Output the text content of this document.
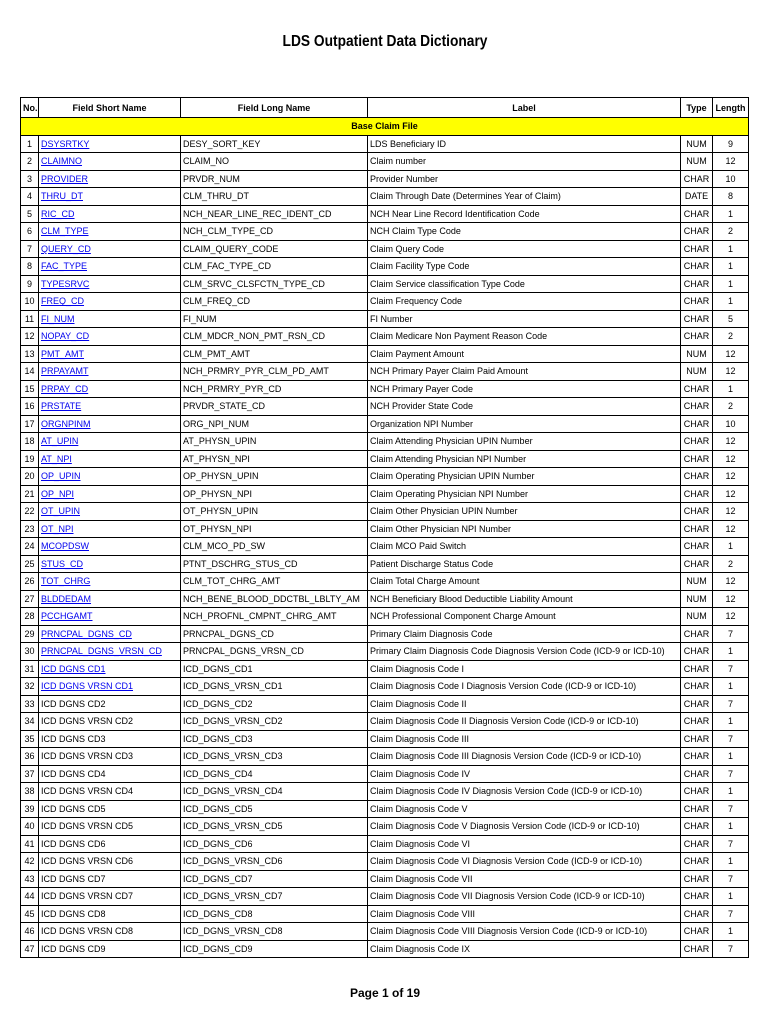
LDS Outpatient Data Dictionary
No.	Field Short Name	Field Long Name	Label	Type	Length
Base Claim File					
1	DSYSRTKY	DESY_SORT_KEY	LDS Beneficiary ID	NUM	9
2	CLAIMNO	CLAIM_NO	Claim number	NUM	12
3	PROVIDER	PRVDR_NUM	Provider Number	CHAR	10
4	THRU_DT	CLM_THRU_DT	Claim Through Date (Determines Year of Claim)	DATE	8
5	RIC_CD	NCH_NEAR_LINE_REC_IDENT_CD	NCH Near Line Record Identification Code	CHAR	1
6	CLM_TYPE	NCH_CLM_TYPE_CD	NCH Claim Type Code	CHAR	2
7	QUERY_CD	CLAIM_QUERY_CODE	Claim Query Code	CHAR	1
8	FAC_TYPE	CLM_FAC_TYPE_CD	Claim Facility Type Code	CHAR	1
9	TYPESRVC	CLM_SRVC_CLSFCTN_TYPE_CD	Claim Service classification Type Code	CHAR	1
10	FREQ_CD	CLM_FREQ_CD	Claim Frequency Code	CHAR	1
11	FI_NUM	FI_NUM	FI Number	CHAR	5
12	NOPAY_CD	CLM_MDCR_NON_PMT_RSN_CD	Claim Medicare Non Payment Reason Code	CHAR	2
13	PMT_AMT	CLM_PMT_AMT	Claim Payment Amount	NUM	12
14	PRPAYAMT	NCH_PRMRY_PYR_CLM_PD_AMT	NCH Primary Payer Claim Paid Amount	NUM	12
15	PRPAY_CD	NCH_PRMRY_PYR_CD	NCH Primary Payer Code	CHAR	1
16	PRSTATE	PRVDR_STATE_CD	NCH Provider State Code	CHAR	2
17	ORGNPINM	ORG_NPI_NUM	Organization NPI Number	CHAR	10
18	AT_UPIN	AT_PHYSN_UPIN	Claim Attending Physician UPIN Number	CHAR	12
19	AT_NPI	AT_PHYSN_NPI	Claim Attending Physician NPI Number	CHAR	12
20	OP_UPIN	OP_PHYSN_UPIN	Claim Operating Physician UPIN Number	CHAR	12
21	OP_NPI	OP_PHYSN_NPI	Claim Operating Physician NPI Number	CHAR	12
22	OT_UPIN	OT_PHYSN_UPIN	Claim Other Physician UPIN Number	CHAR	12
23	OT_NPI	OT_PHYSN_NPI	Claim Other Physician NPI Number	CHAR	12
24	MCOPDSW	CLM_MCO_PD_SW	Claim MCO Paid Switch	CHAR	1
25	STUS_CD	PTNT_DSCHRG_STUS_CD	Patient Discharge Status Code	CHAR	2
26	TOT_CHRG	CLM_TOT_CHRG_AMT	Claim Total Charge Amount	NUM	12
27	BLDDEDAM	NCH_BENE_BLOOD_DDCTBL_LBLTY_AM	NCH Beneficiary Blood Deductible Liability Amount	NUM	12
28	PCCHGAMT	NCH_PROFNL_CMPNT_CHRG_AMT	NCH Professional Component Charge Amount	NUM	12
29	PRNCPAL_DGNS_CD	PRNCPAL_DGNS_CD	Primary Claim Diagnosis Code	CHAR	7
30	PRNCPAL_DGNS_VRSN_CD	PRNCPAL_DGNS_VRSN_CD	Primary Claim Diagnosis Code Diagnosis Version Code (ICD-9 or ICD-10)	CHAR	1
31	ICD DGNS CD1	ICD_DGNS_CD1	Claim Diagnosis Code I	CHAR	7
32	ICD DGNS VRSN CD1	ICD_DGNS_VRSN_CD1	Claim Diagnosis Code I Diagnosis Version Code (ICD-9 or ICD-10)	CHAR	1
33	ICD DGNS CD2	ICD_DGNS_CD2	Claim Diagnosis Code II	CHAR	7
34	ICD DGNS VRSN CD2	ICD_DGNS_VRSN_CD2	Claim Diagnosis Code II Diagnosis Version Code (ICD-9 or ICD-10)	CHAR	1
35	ICD DGNS CD3	ICD_DGNS_CD3	Claim Diagnosis Code III	CHAR	7
36	ICD DGNS VRSN CD3	ICD_DGNS_VRSN_CD3	Claim Diagnosis Code III Diagnosis Version Code (ICD-9 or ICD-10)	CHAR	1
37	ICD DGNS CD4	ICD_DGNS_CD4	Claim Diagnosis Code IV	CHAR	7
38	ICD DGNS VRSN CD4	ICD_DGNS_VRSN_CD4	Claim Diagnosis Code IV Diagnosis Version Code (ICD-9 or ICD-10)	CHAR	1
39	ICD DGNS CD5	ICD_DGNS_CD5	Claim Diagnosis Code V	CHAR	7
40	ICD DGNS VRSN CD5	ICD_DGNS_VRSN_CD5	Claim Diagnosis Code V Diagnosis Version Code (ICD-9 or ICD-10)	CHAR	1
41	ICD DGNS CD6	ICD_DGNS_CD6	Claim Diagnosis Code VI	CHAR	7
42	ICD DGNS VRSN CD6	ICD_DGNS_VRSN_CD6	Claim Diagnosis Code VI Diagnosis Version Code (ICD-9 or ICD-10)	CHAR	1
43	ICD DGNS CD7	ICD_DGNS_CD7	Claim Diagnosis Code VII	CHAR	7
44	ICD DGNS VRSN CD7	ICD_DGNS_VRSN_CD7	Claim Diagnosis Code VII Diagnosis Version Code (ICD-9 or ICD-10)	CHAR	1
45	ICD DGNS CD8	ICD_DGNS_CD8	Claim Diagnosis Code VIII	CHAR	7
46	ICD DGNS VRSN CD8	ICD_DGNS_VRSN_CD8	Claim Diagnosis Code VIII Diagnosis Version Code (ICD-9 or ICD-10)	CHAR	1
47	ICD DGNS CD9	ICD_DGNS_CD9	Claim Diagnosis Code IX	CHAR	7
Page 1 of 19
